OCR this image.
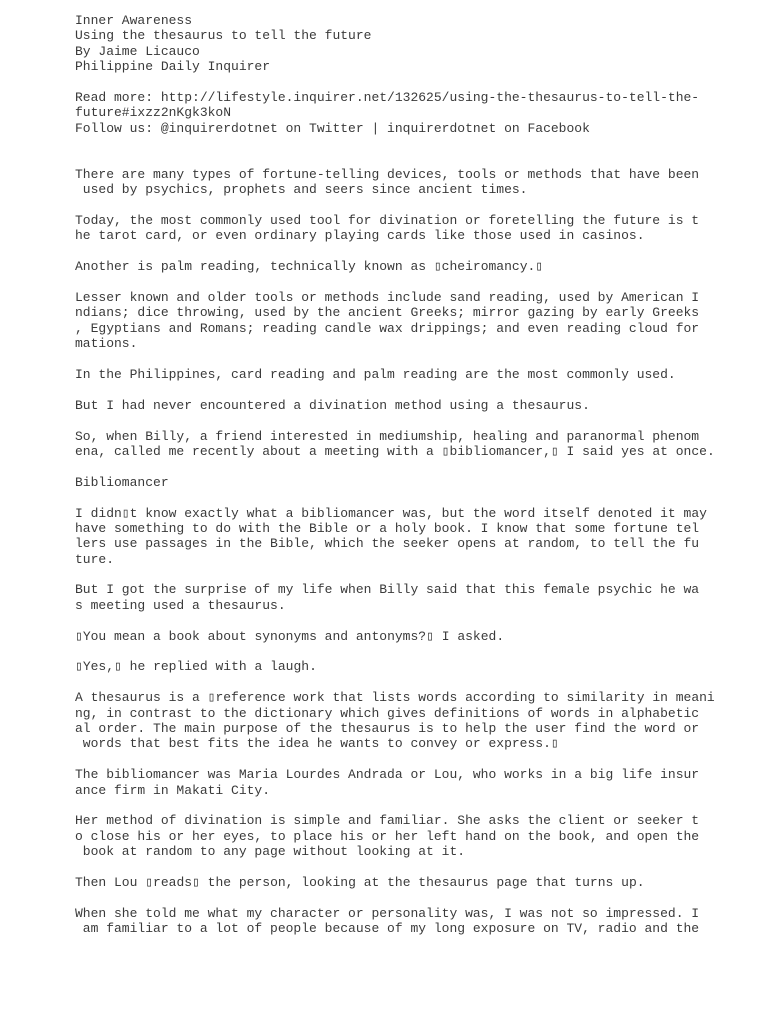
Inner Awareness
Using the thesaurus to tell the future
By Jaime Licauco
Philippine Daily Inquirer
Read more: http://lifestyle.inquirer.net/132625/using-the-thesaurus-to-tell-the-
future#ixzz2nKgk3koN
Follow us: @inquirerdotnet on Twitter | inquirerdotnet on Facebook
There are many types of fortune-telling devices, tools or methods that have been
used by psychics, prophets and seers since ancient times.
Today, the most commonly used tool for divination or foretelling the future is t
he tarot card, or even ordinary playing cards like those used in casinos.
Another is palm reading, technically known as ▯cheiromancy.▯
Lesser known and older tools or methods include sand reading, used by American I
ndians; dice throwing, used by the ancient Greeks; mirror gazing by early Greeks
, Egyptians and Romans; reading candle wax drippings; and even reading cloud for
mations.
In the Philippines, card reading and palm reading are the most commonly used.
But I had never encountered a divination method using a thesaurus.
So, when Billy, a friend interested in mediumship, healing and paranormal phenom
ena, called me recently about a meeting with a ▯bibliomancer,▯ I said yes at once.
Bibliomancer
I didn▯t know exactly what a bibliomancer was, but the word itself denoted it may
have something to do with the Bible or a holy book. I know that some fortune tel
lers use passages in the Bible, which the seeker opens at random, to tell the fu
ture.
But I got the surprise of my life when Billy said that this female psychic he wa
s meeting used a thesaurus.
▯You mean a book about synonyms and antonyms?▯ I asked.
▯Yes,▯ he replied with a laugh.
A thesaurus is a ▯reference work that lists words according to similarity in meani
ng, in contrast to the dictionary which gives definitions of words in alphabetic
al order. The main purpose of the thesaurus is to help the user find the word or
words that best fits the idea he wants to convey or express.▯
The bibliomancer was Maria Lourdes Andrada or Lou, who works in a big life insur
ance firm in Makati City.
Her method of divination is simple and familiar. She asks the client or seeker t
o close his or her eyes, to place his or her left hand on the book, and open the
book at random to any page without looking at it.
Then Lou ▯reads▯ the person, looking at the thesaurus page that turns up.
When she told me what my character or personality was, I was not so impressed. I
am familiar to a lot of people because of my long exposure on TV, radio and the
